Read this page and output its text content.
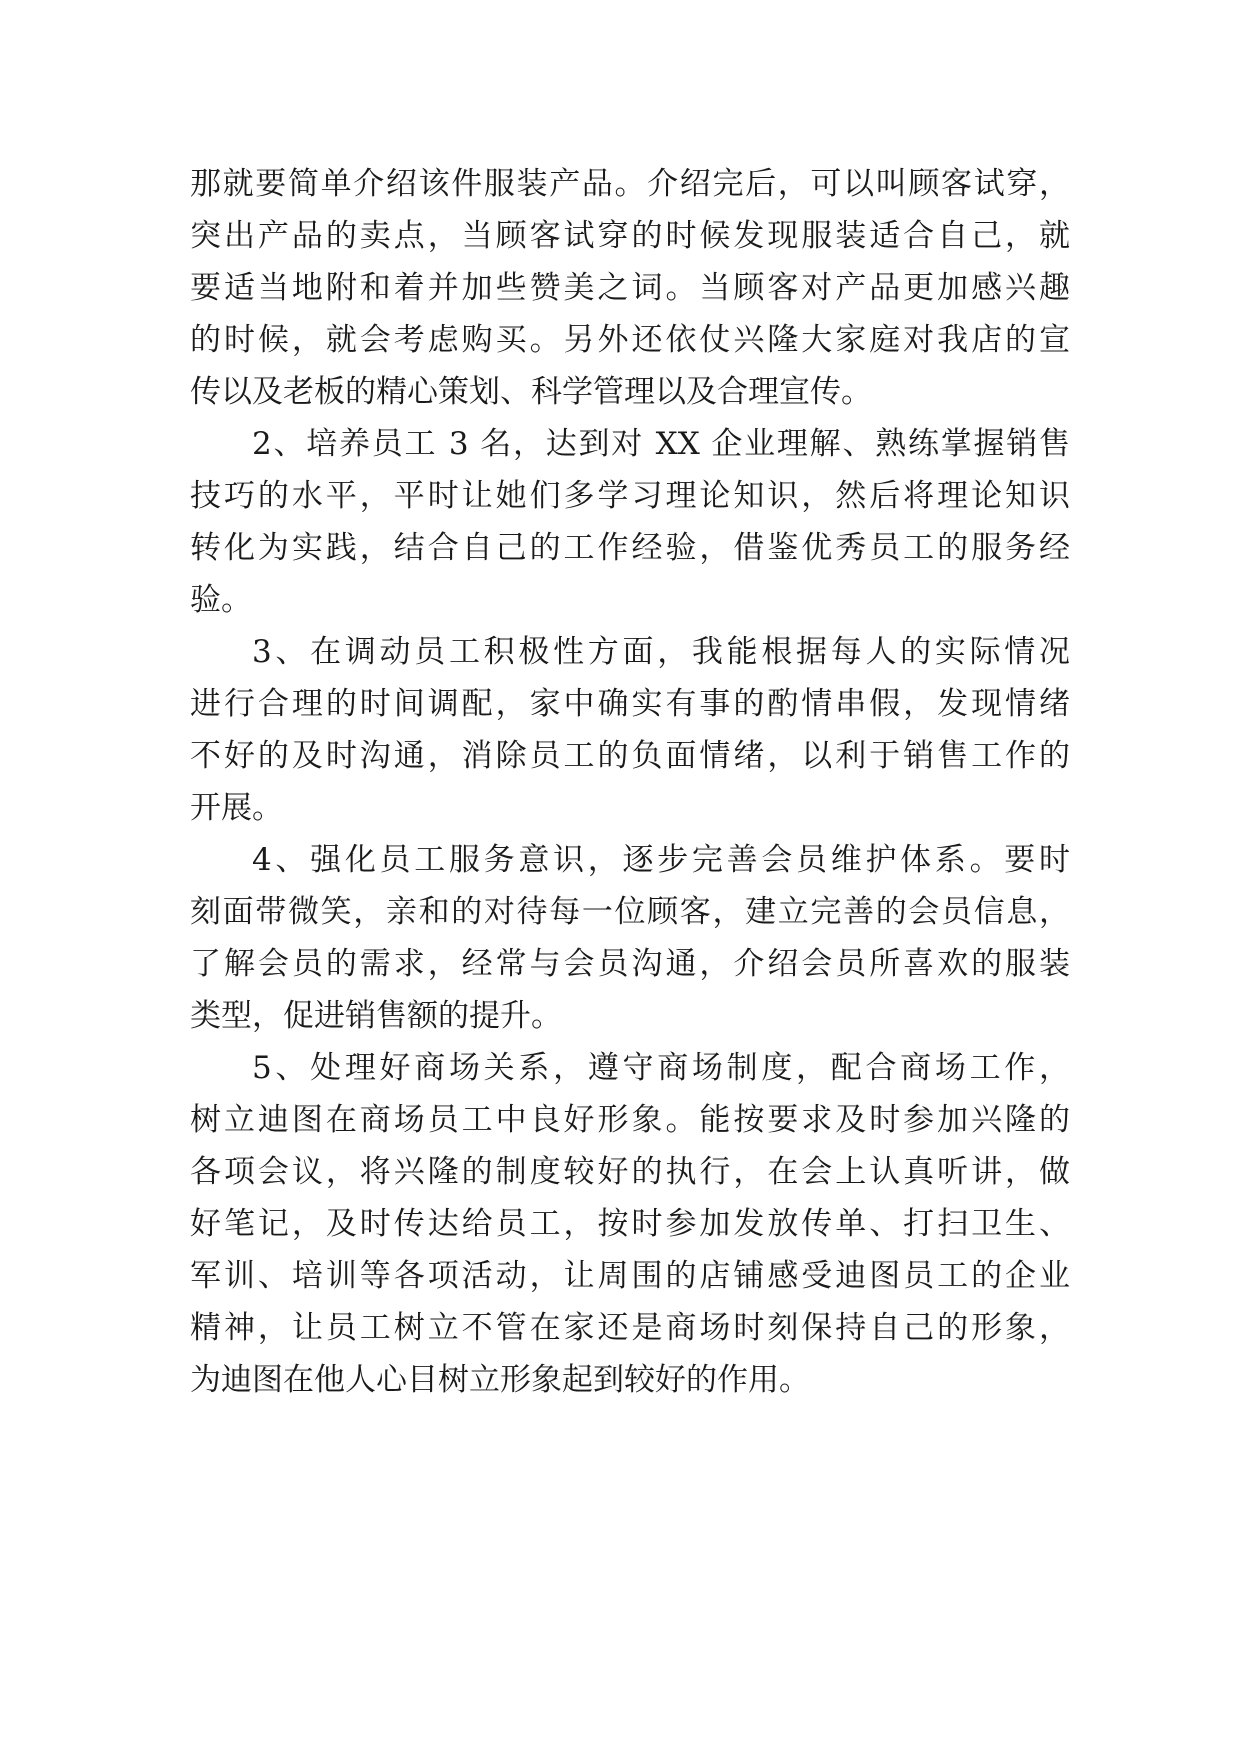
那就要简单介绍该件服装产品。介绍完后，可以叫顾客试穿，
突出产品的卖点，当顾客试穿的时候发现服装适合自己，就
要适当地附和着并加些赞美之词。当顾客对产品更加感兴趣
的时候，就会考虑购买。另外还依仗兴隆大家庭对我店的宣
传以及老板的精心策划、科学管理以及合理宣传。
2、培养员工 3 名，达到对 XX 企业理解、熟练掌握销售
技巧的水平，平时让她们多学习理论知识，然后将理论知识
转化为实践，结合自己的工作经验，借鉴优秀员工的服务经
验。
3、在调动员工积极性方面，我能根据每人的实际情况
进行合理的时间调配，家中确实有事的酌情串假，发现情绪
不好的及时沟通，消除员工的负面情绪，以利于销售工作的
开展。
4、强化员工服务意识，逐步完善会员维护体系。要时
刻面带微笑，亲和的对待每一位顾客，建立完善的会员信息，
了解会员的需求，经常与会员沟通，介绍会员所喜欢的服装
类型，促进销售额的提升。
5、处理好商场关系，遵守商场制度，配合商场工作，
树立迪图在商场员工中良好形象。能按要求及时参加兴隆的
各项会议，将兴隆的制度较好的执行，在会上认真听讲，做
好笔记，及时传达给员工，按时参加发放传单、打扫卫生、
军训、培训等各项活动，让周围的店铺感受迪图员工的企业
精神，让员工树立不管在家还是商场时刻保持自己的形象，
为迪图在他人心目树立形象起到较好的作用。
